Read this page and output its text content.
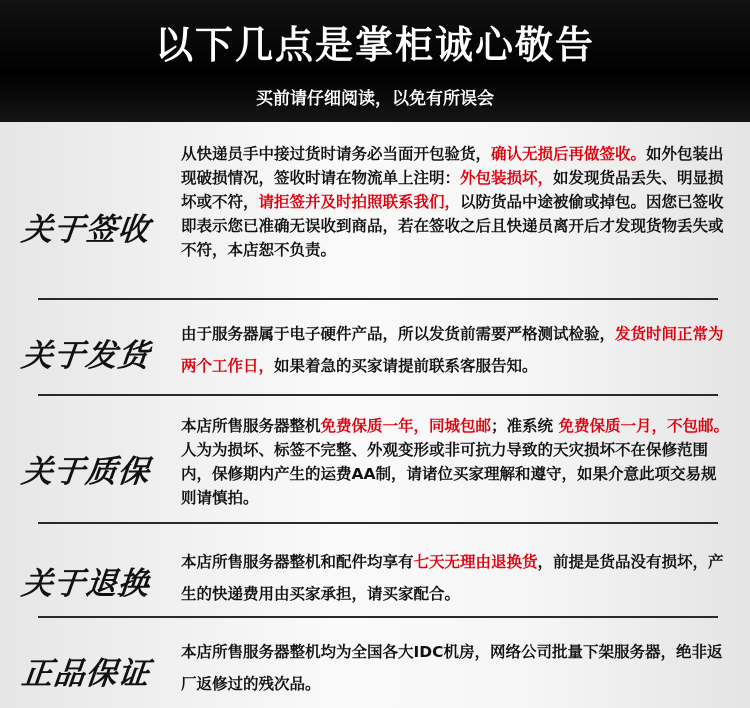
以下几点是掌柜诚心敬告
买前请仔细阅读，以免有所误会
关于签收
从快递员手中接过货时请务必当面开包验货，确认无损后再做签收。如外包装出现破损情况，签收时请在物流单上注明：外包装损坏，如发现货品丢失、明显损坏或不符，请拒签并及时拍照联系我们，以防货品中途被偷或掉包。因您已签收即表示您已准确无误收到商品，若在签收之后且快递员离开后才发现货物丢失或不符，本店恕不负责。
关于发货
由于服务器属于电子硬件产品，所以发货前需要严格测试检验，发货时间正常为两个工作日，如果着急的买家请提前联系客服告知。
关于质保
本店所售服务器整机免费保质一年，同城包邮；准系统 免费保质一月，不包邮。人为为损坏、标签不完整、外观变形或非可抗力导致的天灾损坏不在保修范围内，保修期内产生的运费AA制，请诸位买家理解和遵守，如果介意此项交易规则请慎拍。
关于退换
本店所售服务器整机和配件均享有七天无理由退换货，前提是货品没有损坏，产生的快递费用由买家承担，请买家配合。
正品保证
本店所售服务器整机均为全国各大IDC机房，网络公司批量下架服务器，绝非返厂返修过的残次品。
